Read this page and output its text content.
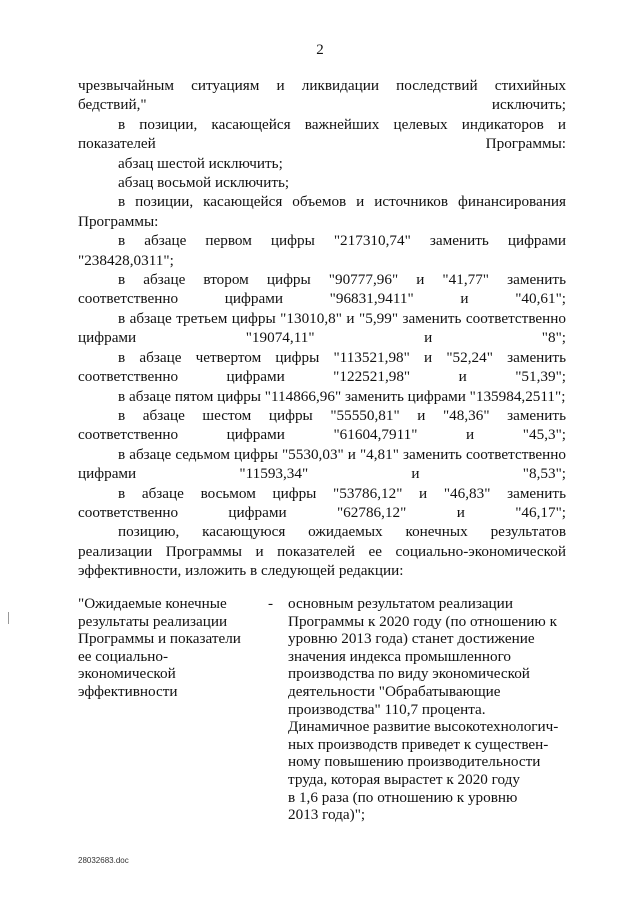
2

чрезвычайным ситуациям и ликвидации последствий стихийных бедствий," исключить;

в позиции, касающейся важнейших целевых индикаторов и показателей Программы:

абзац шестой исключить;

абзац восьмой исключить;

в позиции, касающейся объемов и источников финансирования Программы:

в абзаце первом цифры "217310,74" заменить цифрами "238428,0311";

в абзаце втором цифры "90777,96" и "41,77" заменить соответственно цифрами "96831,9411" и "40,61";

в абзаце третьем цифры "13010,8" и "5,99" заменить соответственно цифрами "19074,11" и "8";

в абзаце четвертом цифры "113521,98" и "52,24" заменить соответственно цифрами "122521,98" и "51,39";

в абзаце пятом цифры "114866,96" заменить цифрами "135984,2511";

в абзаце шестом цифры "55550,81" и "48,36" заменить соответственно цифрами "61604,7911" и "45,3";

в абзаце седьмом цифры "5530,03" и "4,81" заменить соответственно цифрами "11593,34" и "8,53";

в абзаце восьмом цифры "53786,12" и "46,83" заменить соответственно цифрами "62786,12" и "46,17";

позицию, касающуюся ожидаемых конечных результатов реализации Программы и показателей ее социально-экономической эффективности, изложить в следующей редакции:

"Ожидаемые конечные
результаты реализации
Программы и показатели
ее социально-
экономической
эффективности
- основным результатом реализации
Программы к 2020 году (по отношению к
уровню 2013 года) станет достижение
значения индекса промышленного
производства по виду экономической
деятельности "Обрабатывающие
производства" 110,7 процента.
Динамичное развитие высокотехнологич-
ных производств приведет к существен-
ному повышению производительности
труда, которая вырастет к 2020 году
в 1,6 раза (по отношению к уровню
2013 года)";
28032683.doc
